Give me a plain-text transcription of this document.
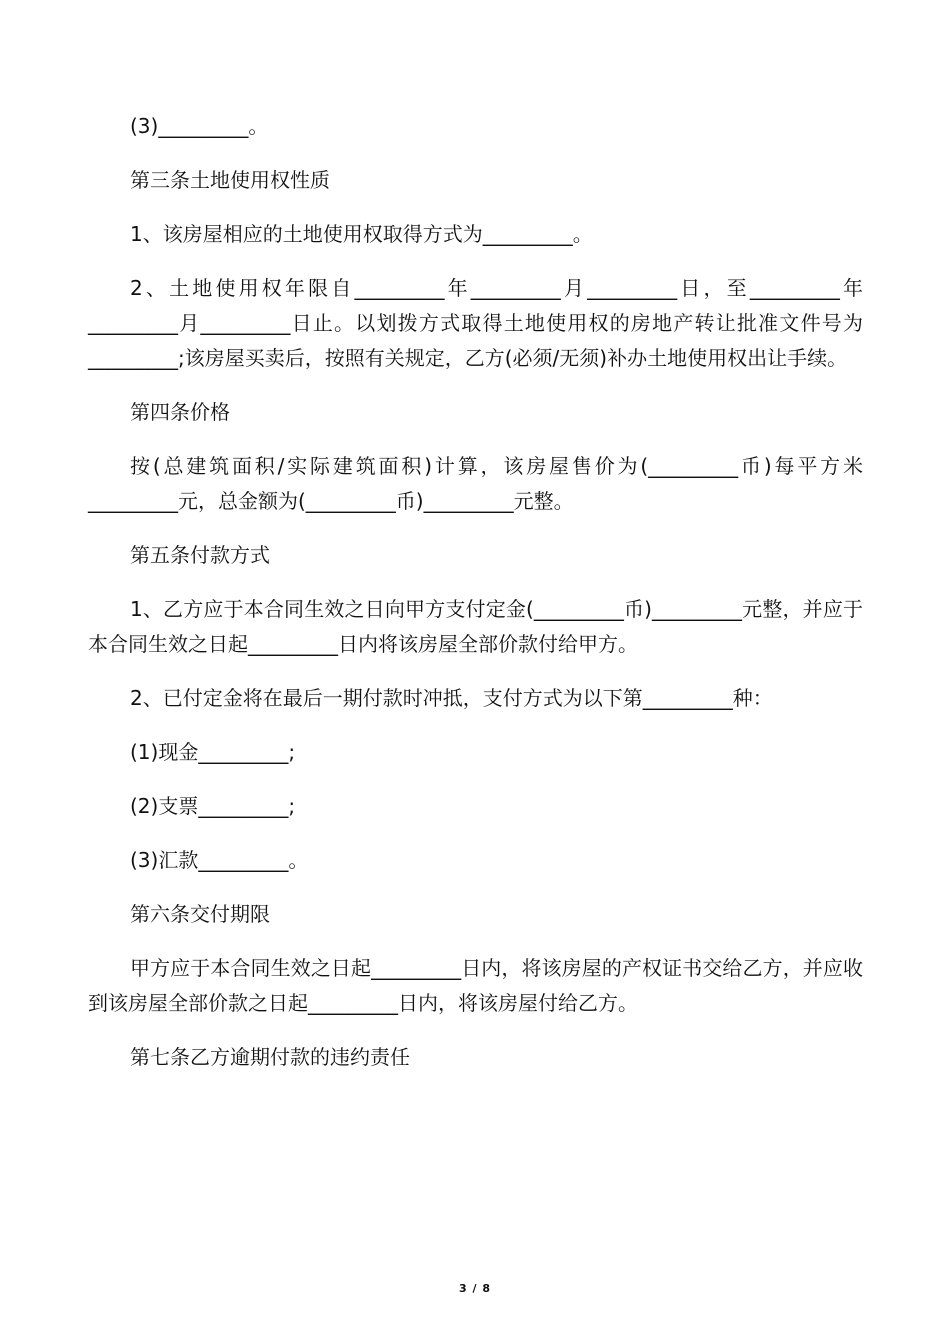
(3)_________。

第三条土地使用权性质

1、该房屋相应的土地使用权取得方式为_________。

2、土地使用权年限自_________年_________月_________日，至_________年_________月_________日止。以划拨方式取得土地使用权的房地产转让批准文件号为_________;该房屋买卖后，按照有关规定，乙方(必须/无须)补办土地使用权出让手续。

第四条价格

按(总建筑面积/实际建筑面积)计算，该房屋售价为(_________币)每平方米_________元，总金额为(_________币)_________元整。

第五条付款方式

1、乙方应于本合同生效之日向甲方支付定金(_________币)_________元整，并应于本合同生效之日起_________日内将该房屋全部价款付给甲方。

2、已付定金将在最后一期付款时冲抵，支付方式为以下第_________种：

(1)现金_________;

(2)支票_________;

(3)汇款_________。

第六条交付期限

甲方应于本合同生效之日起_________日内，将该房屋的产权证书交给乙方，并应收到该房屋全部价款之日起_________日内，将该房屋付给乙方。

第七条乙方逾期付款的违约责任

3 / 8
